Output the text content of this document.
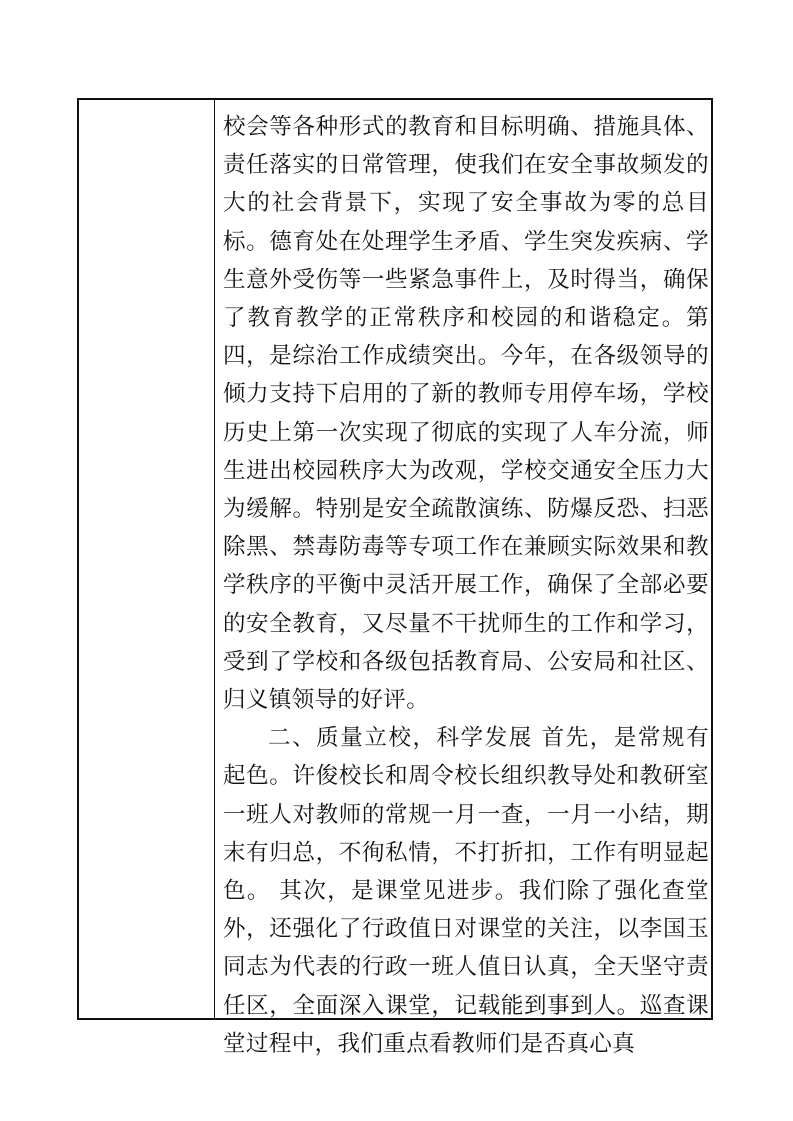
校会等各种形式的教育和目标明确、措施具体、责任落实的日常管理，使我们在安全事故频发的大的社会背景下，实现了安全事故为零的总目标。德育处在处理学生矛盾、学生突发疾病、学生意外受伤等一些紧急事件上，及时得当，确保了教育教学的正常秩序和校园的和谐稳定。第四，是综治工作成绩突出。今年，在各级领导的倾力支持下启用的了新的教师专用停车场，学校历史上第一次实现了彻底的实现了人车分流，师生进出校园秩序大为改观，学校交通安全压力大为缓解。特别是安全疏散演练、防爆反恐、扫恶除黑、禁毒防毒等专项工作在兼顾实际效果和教学秩序的平衡中灵活开展工作，确保了全部必要的安全教育，又尽量不干扰师生的工作和学习，受到了学校和各级包括教育局、公安局和社区、归义镇领导的好评。

二、质量立校，科学发展 首先，是常规有起色。许俊校长和周令校长组织教导处和教研室一班人对教师的常规一月一查，一月一小结，期末有归总，不徇私情，不打折扣，工作有明显起色。 其次，是课堂见进步。我们除了强化查堂外，还强化了行政值日对课堂的关注，以李国玉同志为代表的行政一班人值日认真，全天坚守责任区，全面深入课堂，记载能到事到人。巡查课堂过程中，我们重点看教师们是否真心真
